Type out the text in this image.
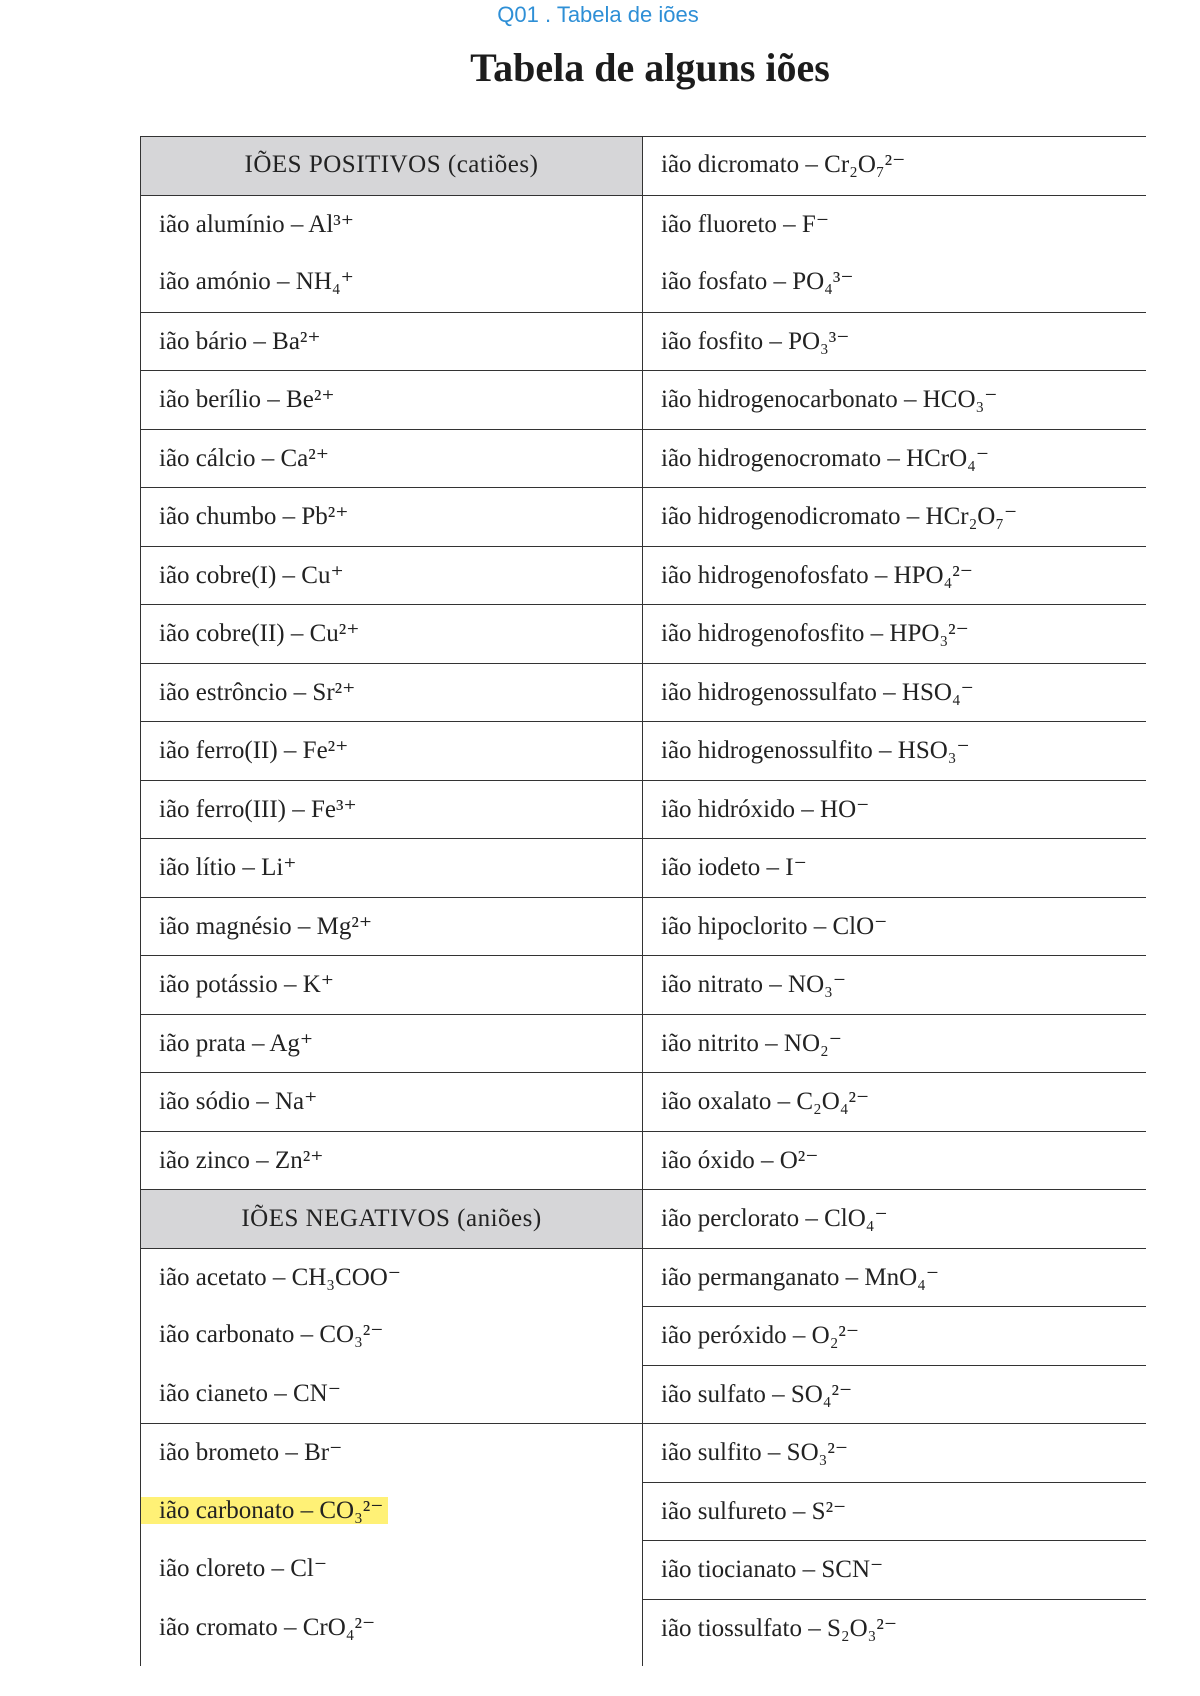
Q01 . Tabela de iões
Tabela de alguns iões
IÕES POSITIVOS (catiões)
ião alumínio – Al³⁺
ião amónio – NH₄⁺
ião bário – Ba²⁺
ião berílio – Be²⁺
ião cálcio – Ca²⁺
ião chumbo – Pb²⁺
ião cobre(I) – Cu⁺
ião cobre(II) – Cu²⁺
ião estrôncio – Sr²⁺
ião ferro(II) – Fe²⁺
ião ferro(III) – Fe³⁺
ião lítio – Li⁺
ião magnésio – Mg²⁺
ião potássio – K⁺
ião prata – Ag⁺
ião sódio – Na⁺
ião zinco – Zn²⁺
IÕES NEGATIVOS (aniões)
ião acetato – CH₃COO⁻
ião carbonato – CO₃²⁻
ião cianeto – CN⁻
ião brometo – Br⁻
ião carbonato – CO₃²⁻
ião cloreto – Cl⁻
ião cromato – CrO₄²⁻
ião dicromato – Cr₂O₇²⁻
ião fluoreto – F⁻
ião fosfato – PO₄³⁻
ião fosfito – PO₃³⁻
ião hidrogenocarbonato – HCO₃⁻
ião hidrogenocromato – HCrO₄⁻
ião hidrogenodicromato – HCr₂O₇⁻
ião hidrogenofosfato – HPO₄²⁻
ião hidrogenofosfito – HPO₃²⁻
ião hidrogenossulfato – HSO₄⁻
ião hidrogenossulfito – HSO₃⁻
ião hidróxido – HO⁻
ião iodeto – I⁻
ião hipoclorito – ClO⁻
ião nitrato – NO₃⁻
ião nitrito – NO₂⁻
ião oxalato – C₂O₄²⁻
ião óxido – O²⁻
ião perclorato – ClO₄⁻
ião permanganato – MnO₄⁻
ião peróxido – O₂²⁻
ião sulfato – SO₄²⁻
ião sulfito – SO₃²⁻
ião sulfureto – S²⁻
ião tiocianato – SCN⁻
ião tiossulfato – S₂O₃²⁻
